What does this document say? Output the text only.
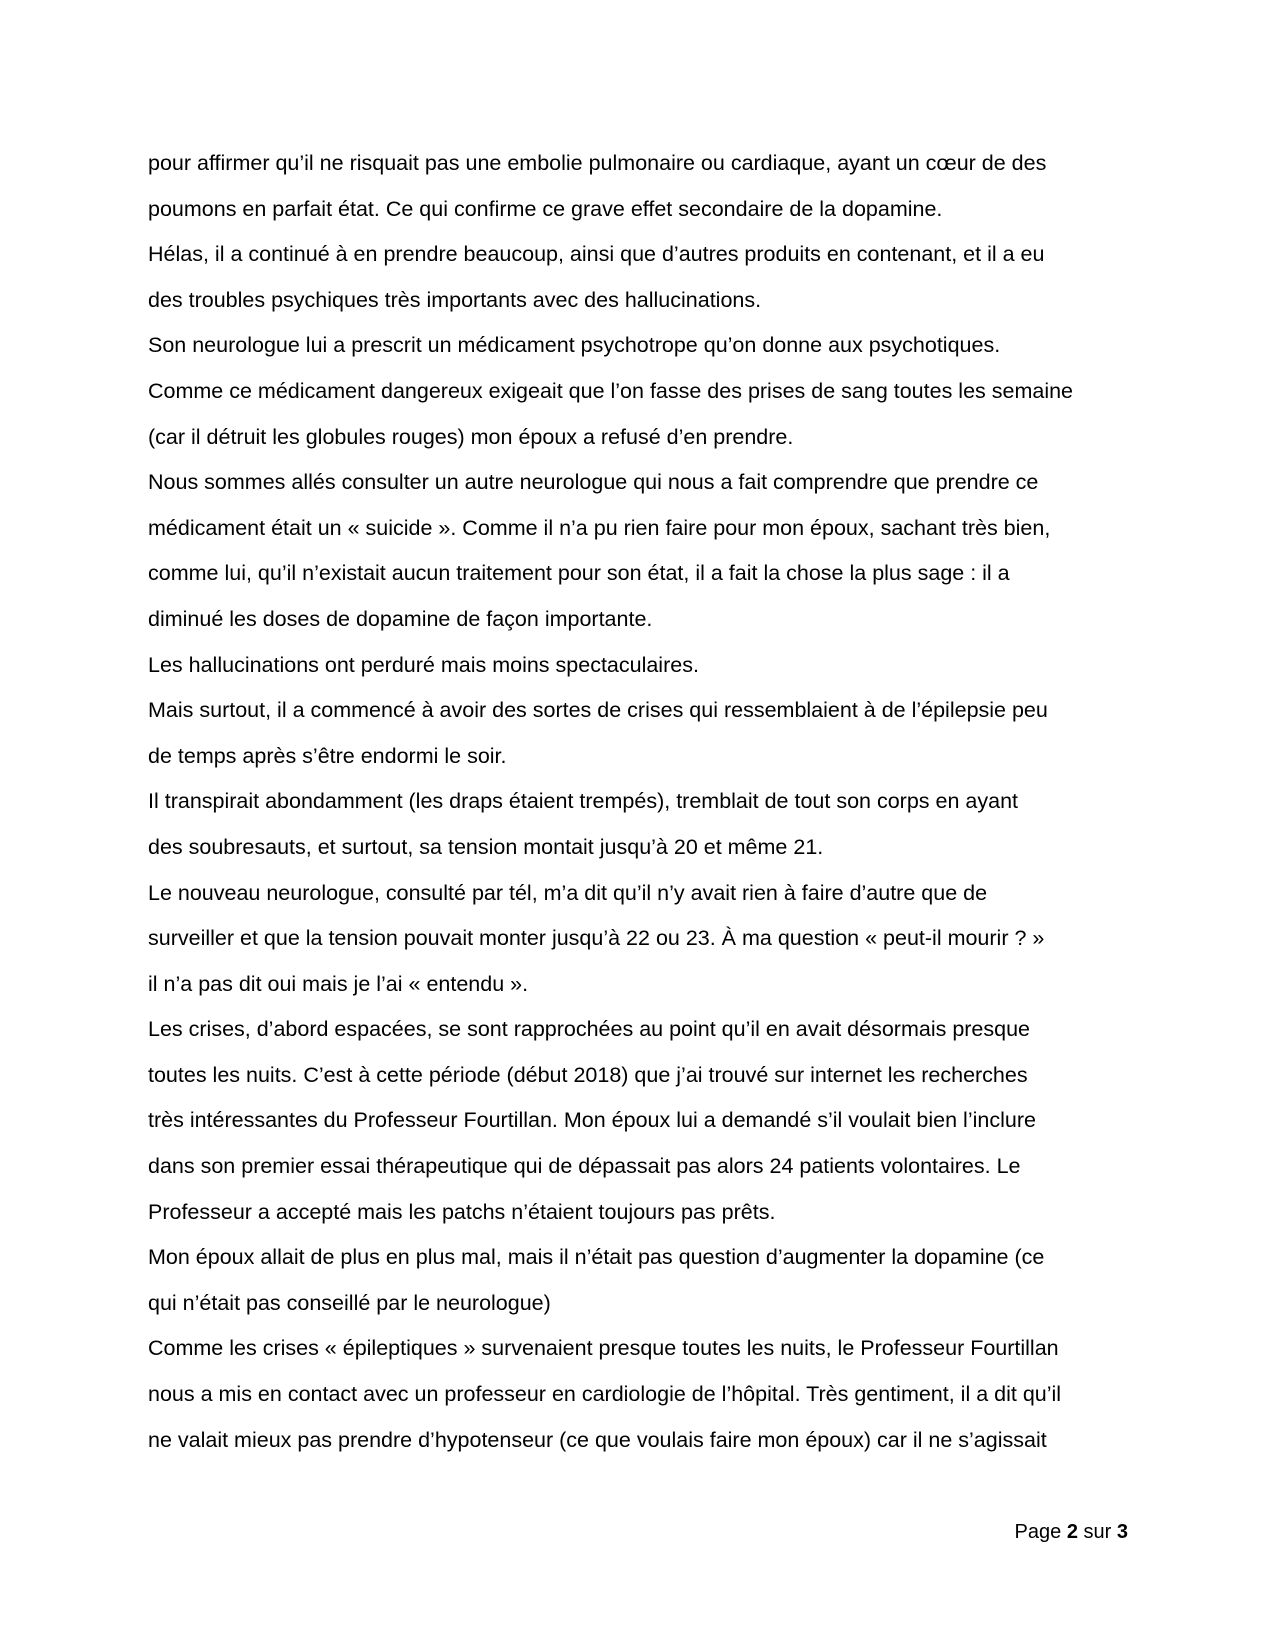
pour affirmer qu’il ne risquait pas une embolie pulmonaire ou cardiaque, ayant un cœur de des
poumons en parfait état. Ce qui confirme ce grave effet secondaire de la dopamine.
Hélas, il a continué à en prendre beaucoup, ainsi que d’autres produits en contenant, et il a eu
des troubles psychiques très importants avec des hallucinations.
Son neurologue lui a prescrit un médicament psychotrope qu’on donne aux psychotiques.
Comme ce médicament dangereux exigeait que l’on fasse des prises de sang toutes les semaine
(car il détruit les globules rouges) mon époux a refusé d’en prendre.
Nous sommes allés consulter un autre neurologue qui nous a fait comprendre que prendre ce
médicament était un « suicide ». Comme il n’a pu rien faire pour mon époux, sachant très bien,
comme lui, qu’il n’existait aucun traitement pour son état, il a fait la chose la plus sage : il a
diminué les doses de dopamine de façon importante.
Les hallucinations ont perduré mais moins spectaculaires.
Mais surtout, il a commencé à avoir des sortes de crises qui ressemblaient à de l’épilepsie peu
de temps après s’être endormi le soir.
Il transpirait abondamment (les draps étaient trempés), tremblait de tout son corps en ayant
des soubresauts, et surtout, sa tension montait jusqu’à 20 et même 21.
Le nouveau neurologue, consulté par tél, m’a dit qu’il n’y avait rien à faire d’autre que de
surveiller et que la tension pouvait monter jusqu’à 22 ou 23. À ma question « peut-il mourir ? »
il n’a pas dit oui mais je l’ai « entendu ».
Les crises, d’abord espacées, se sont rapprochées au point qu’il en avait désormais presque
toutes les nuits. C’est à cette période (début 2018) que j’ai trouvé sur internet les recherches
très intéressantes du Professeur Fourtillan. Mon époux lui a demandé s’il voulait bien l’inclure
dans son premier essai thérapeutique qui de dépassait pas alors 24 patients volontaires. Le
Professeur a accepté mais les patchs n’étaient toujours pas prêts.
Mon époux allait de plus en plus mal, mais il n’était pas question d’augmenter la dopamine (ce
qui n’était pas conseillé par le neurologue)
Comme les crises « épileptiques » survenaient presque toutes les nuits, le Professeur Fourtillan
nous a mis en contact avec un professeur en cardiologie de l’hôpital. Très gentiment, il a dit qu’il
ne valait mieux pas prendre d’hypotenseur (ce que voulais faire mon époux) car il ne s’agissait
Page 2 sur 3
